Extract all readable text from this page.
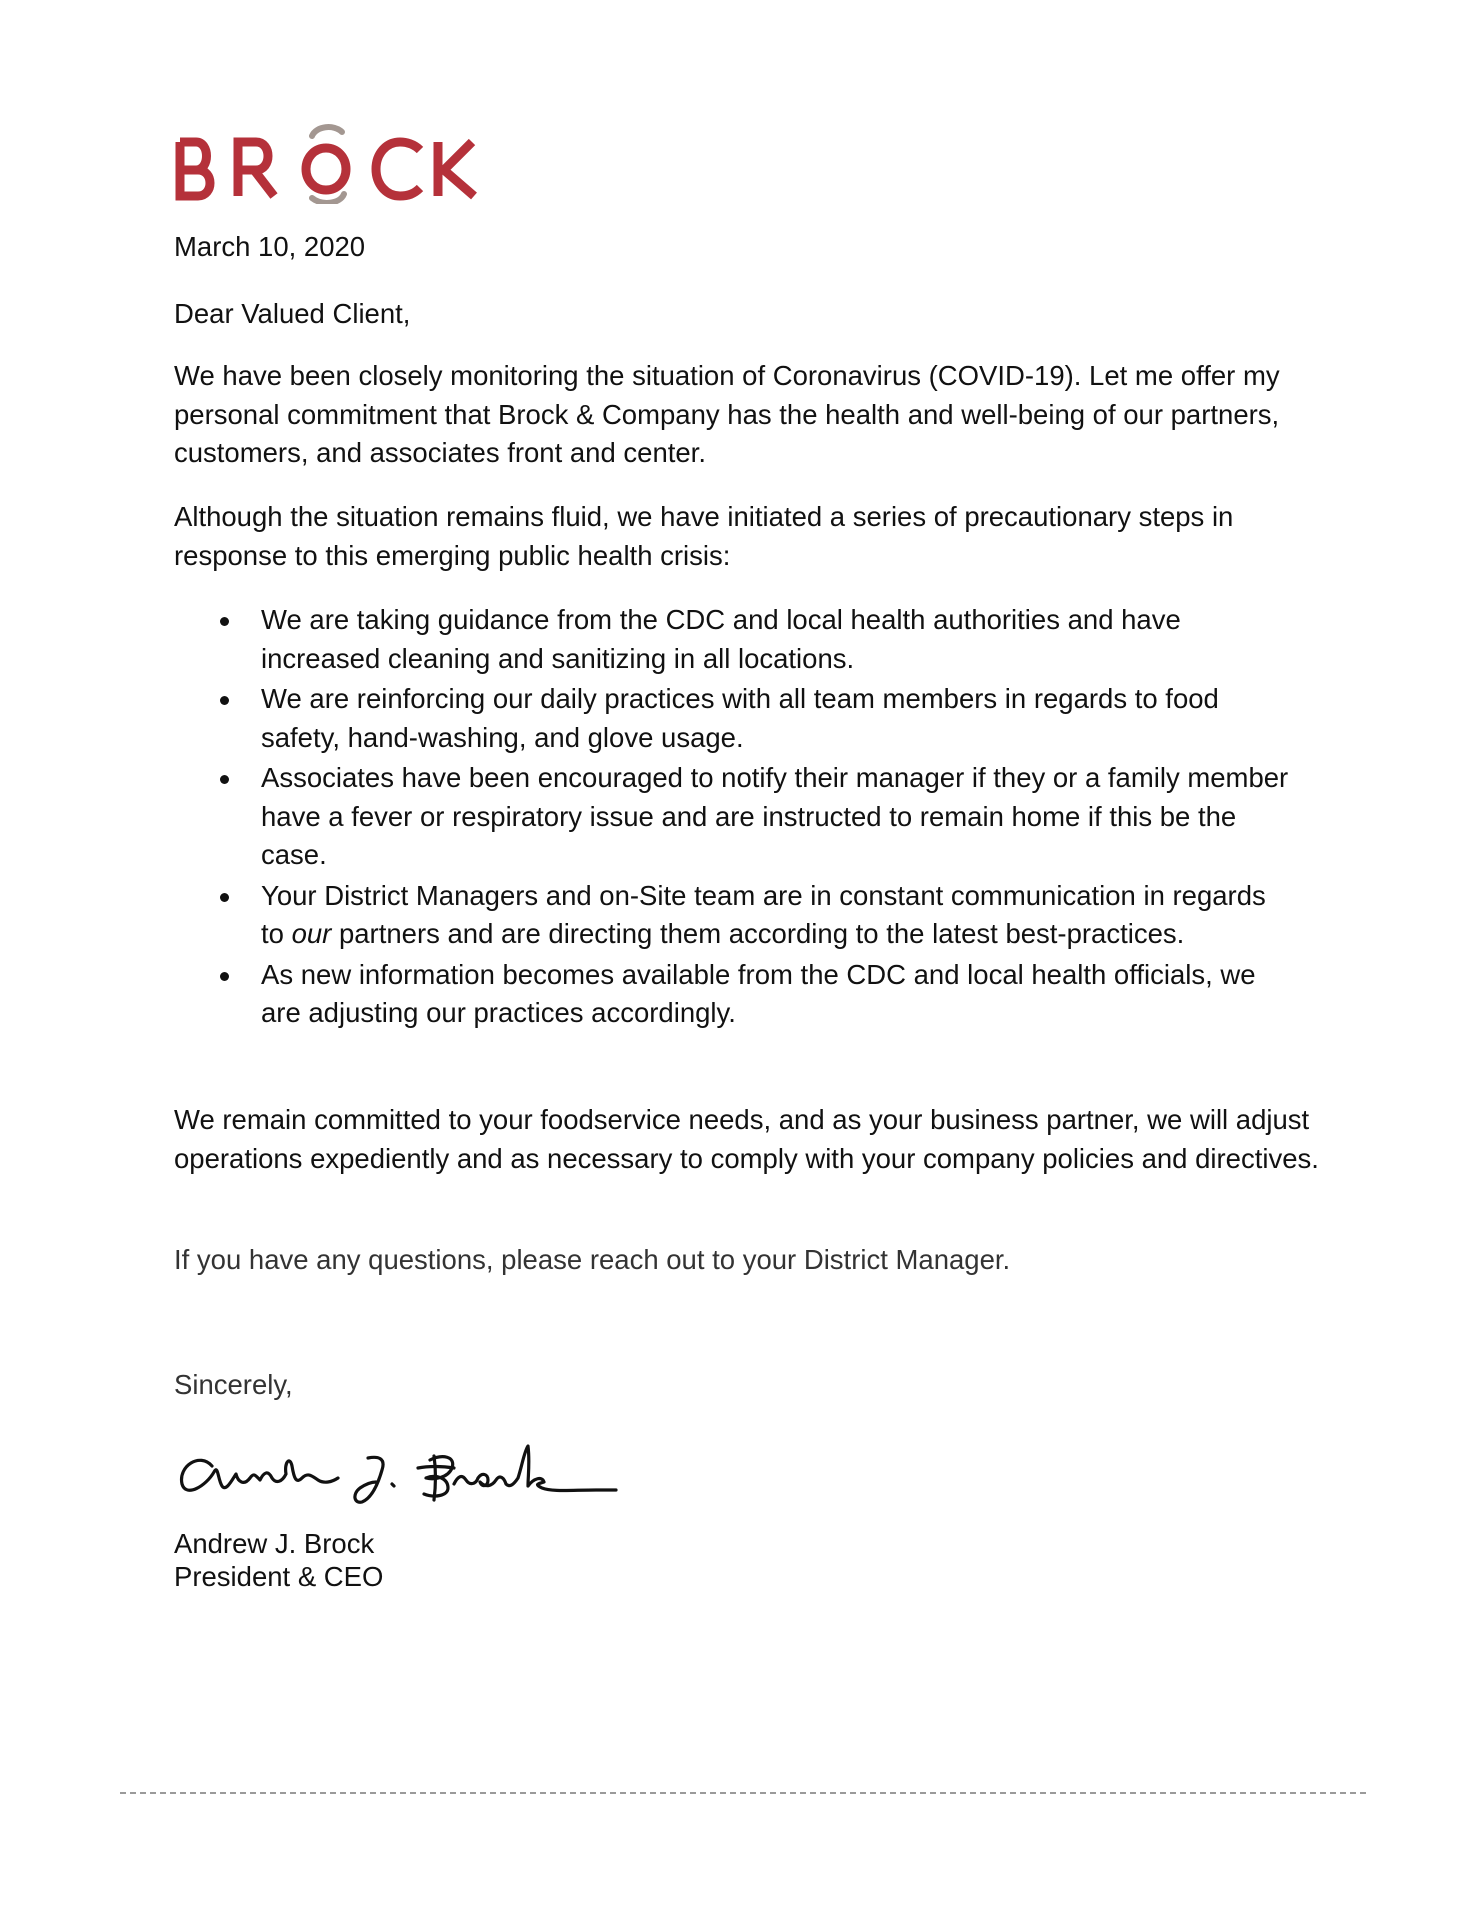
March 10, 2020
Dear Valued Client,
We have been closely monitoring the situation of Coronavirus (COVID-19). Let me offer my personal commitment that Brock & Company has the health and well-being of our partners, customers, and associates front and center.
Although the situation remains fluid, we have initiated a series of precautionary steps in response to this emerging public health crisis:
We are taking guidance from the CDC and local health authorities and have increased cleaning and sanitizing in all locations.
We are reinforcing our daily practices with all team members in regards to food safety, hand-washing, and glove usage.
Associates have been encouraged to notify their manager if they or a family member have a fever or respiratory issue and are instructed to remain home if this be the case.
Your District Managers and on-Site team are in constant communication in regards to our partners and are directing them according to the latest best-practices.
As new information becomes available from the CDC and local health officials, we are adjusting our practices accordingly.
We remain committed to your foodservice needs, and as your business partner, we will adjust operations expediently and as necessary to comply with your company policies and directives.
If you have any questions, please reach out to your District Manager.
Sincerely,
Andrew J. Brock
President & CEO
